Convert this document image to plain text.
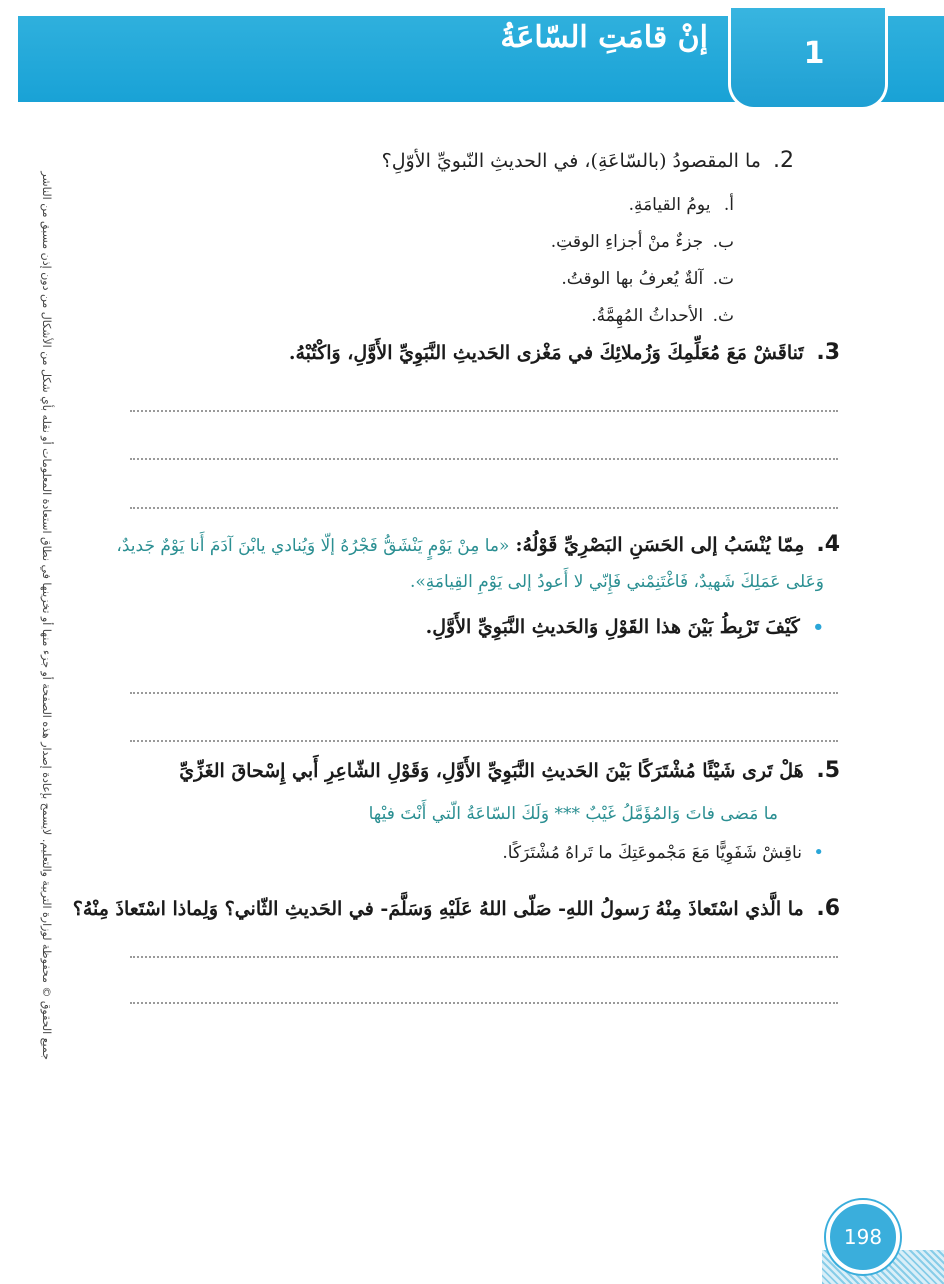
1
إنْ قامَتِ السّاعَةُ
جميع الحقوق © محفوظة لوزارة التربية والتعليم. لايسمح بإعادة إصدار هذه الصفحة أو جزء منها أو تخزينها في نطاق استعادة المعلومات أو نقله بأي شكل من الأشكال من دون إذن مسبق من الناشر
2. ما المقصودُ (بالسّاعَةِ)، في الحديثِ النّبويِّ الأوّلِ؟
أ. يومُ القيامَةِ.
ب. جزءٌ منْ أجزاءِ الوقتِ.
ت. آلةٌ يُعرفُ بها الوقتُ.
ث. الأحداثُ المُهِمَّةُ.
3. تَناقَشْ مَعَ مُعَلِّمِكَ وَزُملائِكَ في مَغْزى الحَديثِ النَّبَوِيِّ الأَوَّلِ، وَاكْتُبْهُ.
4. مِمّا يُنْسَبُ إلى الحَسَنِ البَصْرِيِّ قَوْلُهُ: «ما مِنْ يَوْمٍ يَنْشَقُّ فَجْرُهُ إلّا وَيُنادي يابْنَ آدَمَ أَنا يَوْمٌ جَديدٌ،
وَعَلى عَمَلِكَ شَهيدٌ، فَاغْتَنِمْني فَإِنّي لا أَعودُ إلى يَوْمِ القِيامَةِ».
• كَيْفَ تَرْبِطُ بَيْنَ هذا القَوْلِ وَالحَديثِ النَّبَوِيِّ الأَوَّلِ.
5. هَلْ تَرى شَيْئًا مُشْتَرَكًا بَيْنَ الحَديثِ النَّبَوِيِّ الأَوَّلِ، وَقَوْلِ الشّاعِرِ أَبي إِسْحاقَ الغَزِّيِّ
ما مَضى فاتَ وَالمُؤَمَّلُ غَيْبٌ *** وَلَكَ السّاعَةُ الّتي أَنْتَ فيْها
• ناقِشْ شَفَوِيًّا مَعَ مَجْموعَتِكَ ما تَراهُ مُشْتَرَكًا.
6. ما الَّذي اسْتَعاذَ مِنْهُ رَسولُ اللهِ- صَلّى اللهُ عَلَيْهِ وَسَلَّمَ- في الحَديثِ الثّاني؟ وَلِماذا اسْتَعاذَ مِنْهُ؟
198
